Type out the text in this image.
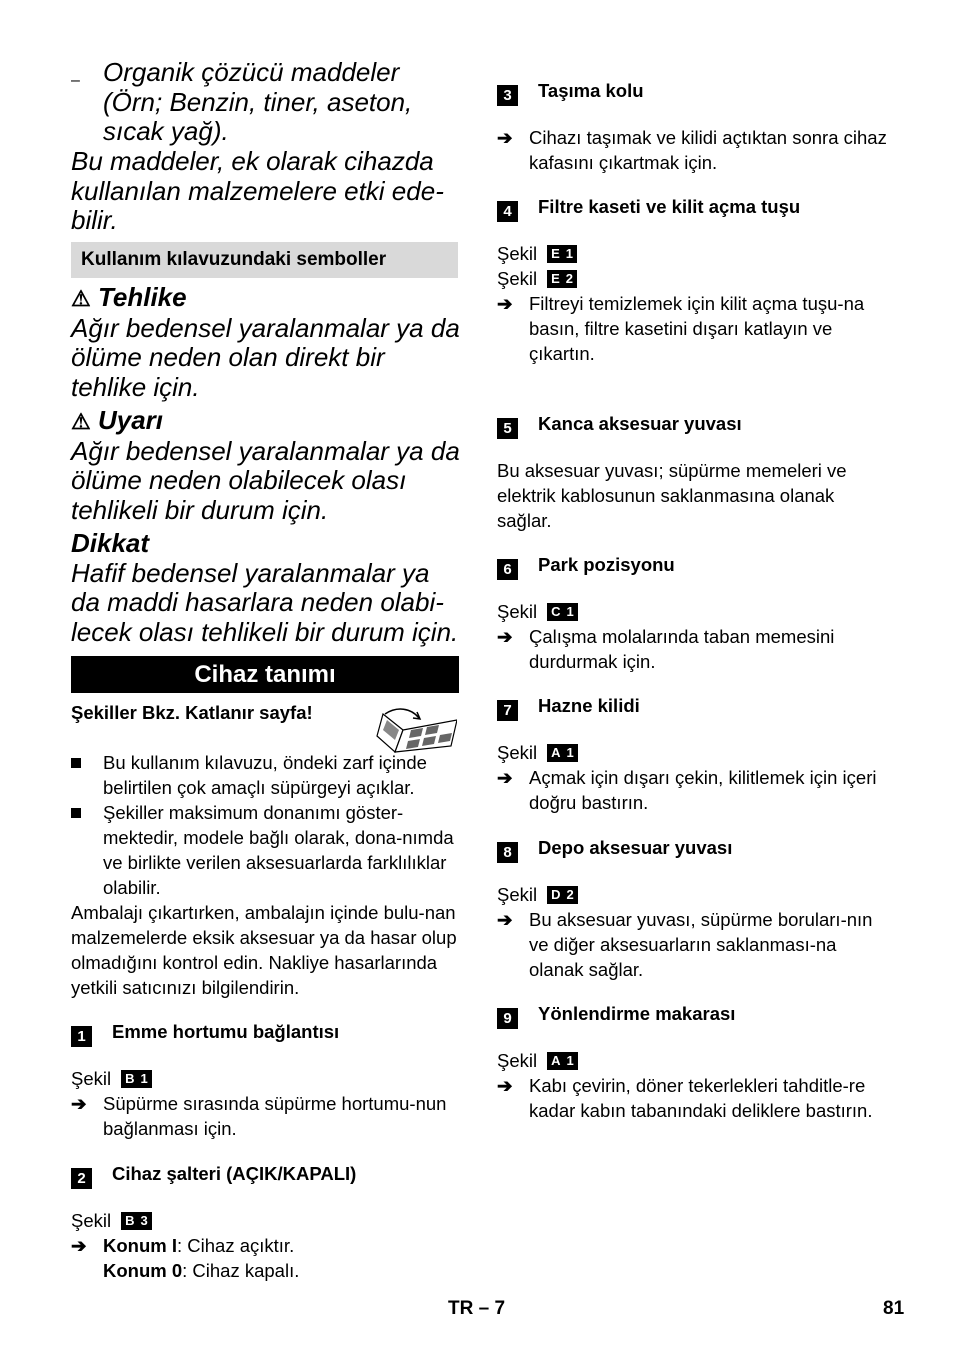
– Organik çözücü maddeler (Örn; Benzin, tiner, aseton, sıcak yağ).
Bu maddeler, ek olarak cihazda kullanılan malzemelere etki ede-bilir.
Kullanım kılavuzundaki semboller
⚠ Tehlike
Ağır bedensel yaralanmalar ya da ölüme neden olan direkt bir tehlike için.
⚠ Uyarı
Ağır bedensel yaralanmalar ya da ölüme neden olabilecek olası tehlikeli bir durum için.
Dikkat
Hafif bedensel yaralanmalar ya da maddi hasarlara neden olabi-lecek olası tehlikeli bir durum için.
Cihaz tanımı
Şekiller Bkz. Katlanır sayfa!
Bu kullanım kılavuzu, öndeki zarf içinde belirtilen çok amaçlı süpürgeyi açıklar.
Şekiller maksimum donanımı göster-mektedir, modele bağlı olarak, dona-nımda ve birlikte verilen aksesuarlarda farklılıklar olabilir.
Ambalajı çıkartırken, ambalajın içinde bulu-nan malzemelerde eksik aksesuar ya da hasar olup olmadığını kontrol edin. Nakliye hasarlarında yetkili satıcınızı bilgilendirin.
1	Emme hortumu bağlantısı
Şekil B 1
➔ Süpürme sırasında süpürme hortumu-nun bağlanması için.
2	Cihaz şalteri (AÇIK/KAPALI)
Şekil B 3
➔ Konum I: Cihaz açıktır.
Konum 0: Cihaz kapalı.
3	Taşıma kolu
➔ Cihazı taşımak ve kilidi açtıktan sonra cihaz kafasını çıkartmak için.
4	Filtre kaseti ve kilit açma tuşu
Şekil E 1
Şekil E 2
➔ Filtreyi temizlemek için kilit açma tuşu-na basın, filtre kasetini dışarı katlayın ve çıkartın.
5	Kanca aksesuar yuvası
Bu aksesuar yuvası; süpürme memeleri ve elektrik kablosunun saklanmasına olanak sağlar.
6	Park pozisyonu
Şekil C 1
➔ Çalışma molalarında taban memesini durdurmak için.
7	Hazne kilidi
Şekil A 1
➔ Açmak için dışarı çekin, kilitlemek için içeri doğru bastırın.
8	Depo aksesuar yuvası
Şekil D 2
➔ Bu aksesuar yuvası, süpürme boruları-nın ve diğer aksesuarların saklanması-na olanak sağlar.
9	Yönlendirme makarası
Şekil A 1
➔ Kabı çevirin, döner tekerlekleri tahditle-re kadar kabın tabanındaki deliklere bastırın.
TR – 7	81
